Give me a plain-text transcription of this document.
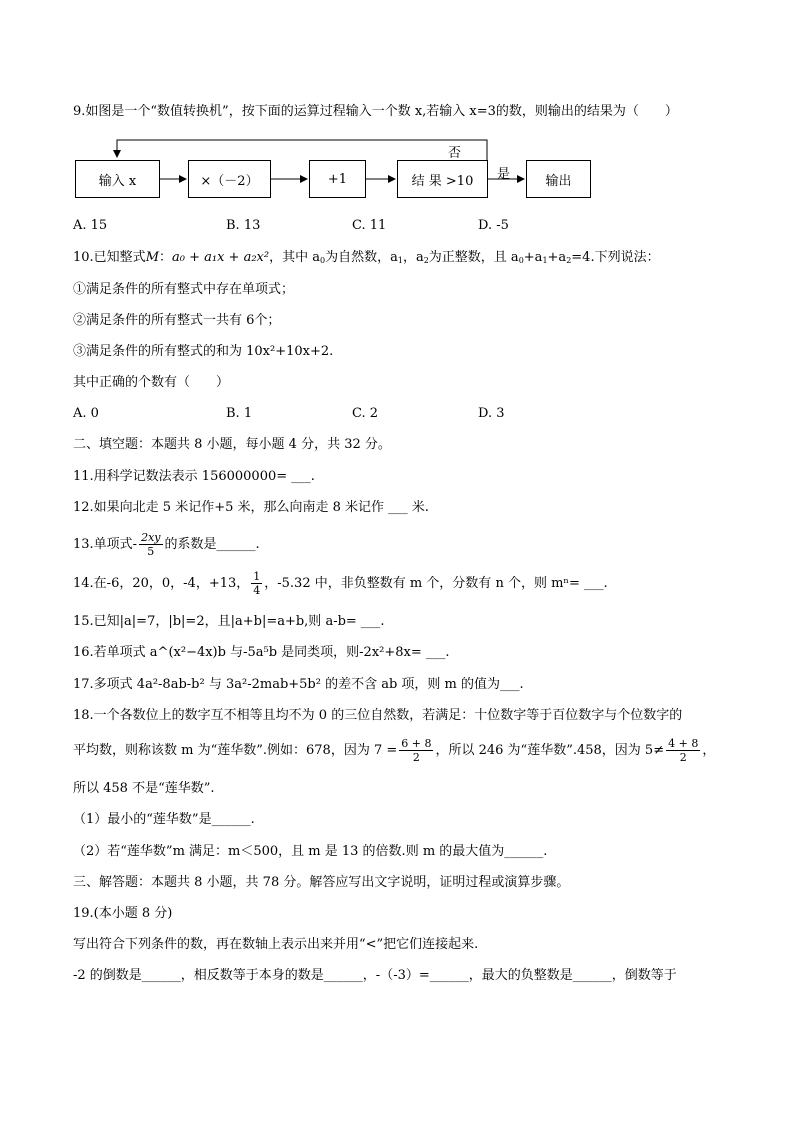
9.如图是一个“数值转换机”，按下面的运算过程输入一个数 x,若输入 x=3的数，则输出的结果为（　　）
输入 x	×（－2）	+1	结 果 >10	输出
否
是
A. 15	B. 13	C. 11	D. -5
10.已知整式M：a₀ + a₁x + a₂x²，其中 $a_0$为自然数，$a_1$，$a_2$为正整数，且 $a_0+a_1+a_2=4$.下列说法：
①满足条件的所有整式中存在单项式；
②满足条件的所有整式一共有 6个；
③满足条件的所有整式的和为 10x²+10x+2.
其中正确的个数有（　　）
A. 0	B. 1	C. 2	D. 3
二、填空题：本题共 8 小题，每小题 4 分，共 32 分。
11.用科学记数法表示 156000000= ___.
12.如果向北走 5 米记作+5 米，那么向南走 8 米记作 ___ 米.
13.单项式- $\frac{2xy}{5}$ 的系数是______.
14.在-6，20，0，-4，+13， $\frac{1}{4}$ ，-5.32 中，非负整数有 m 个，分数有 n 个，则 mⁿ= ___.
15.已知|a|=7，|b|=2，且|a+b|=a+b,则 a-b= ___.
16.若单项式 a^(x²−4x)b 与-5a⁵b 是同类项，则-2x²+8x= ___.
17.多项式 4a²-8ab-b² 与 3a²-2mab+5b² 的差不含 ab 项，则 m 的值为___.
18.一个各数位上的数字互不相等且均不为 0 的三位自然数，若满足：十位数字等于百位数字与个位数字的
平均数，则称该数 m 为“莲华数”.例如：678，因为 $7 = \frac{6 + 8}{2}$ ，所以 246 为“莲华数”.458，因为 $5\ne \frac{4 + 8}{2}$ ，
所以 458 不是“莲华数”.
（1）最小的“莲华数”是______.
（2）若“莲华数”m 满足：m＜500，且 m 是 13 的倍数.则 m 的最大值为______.
三、解答题：本题共 8 小题，共 78 分。解答应写出文字说明，证明过程或演算步骤。
19.(本小题 8 分)
写出符合下列条件的数，再在数轴上表示出来并用“<”把它们连接起来.
-2 的倒数是______，相反数等于本身的数是______，-（-3）=______，最大的负整数是______，倒数等于
